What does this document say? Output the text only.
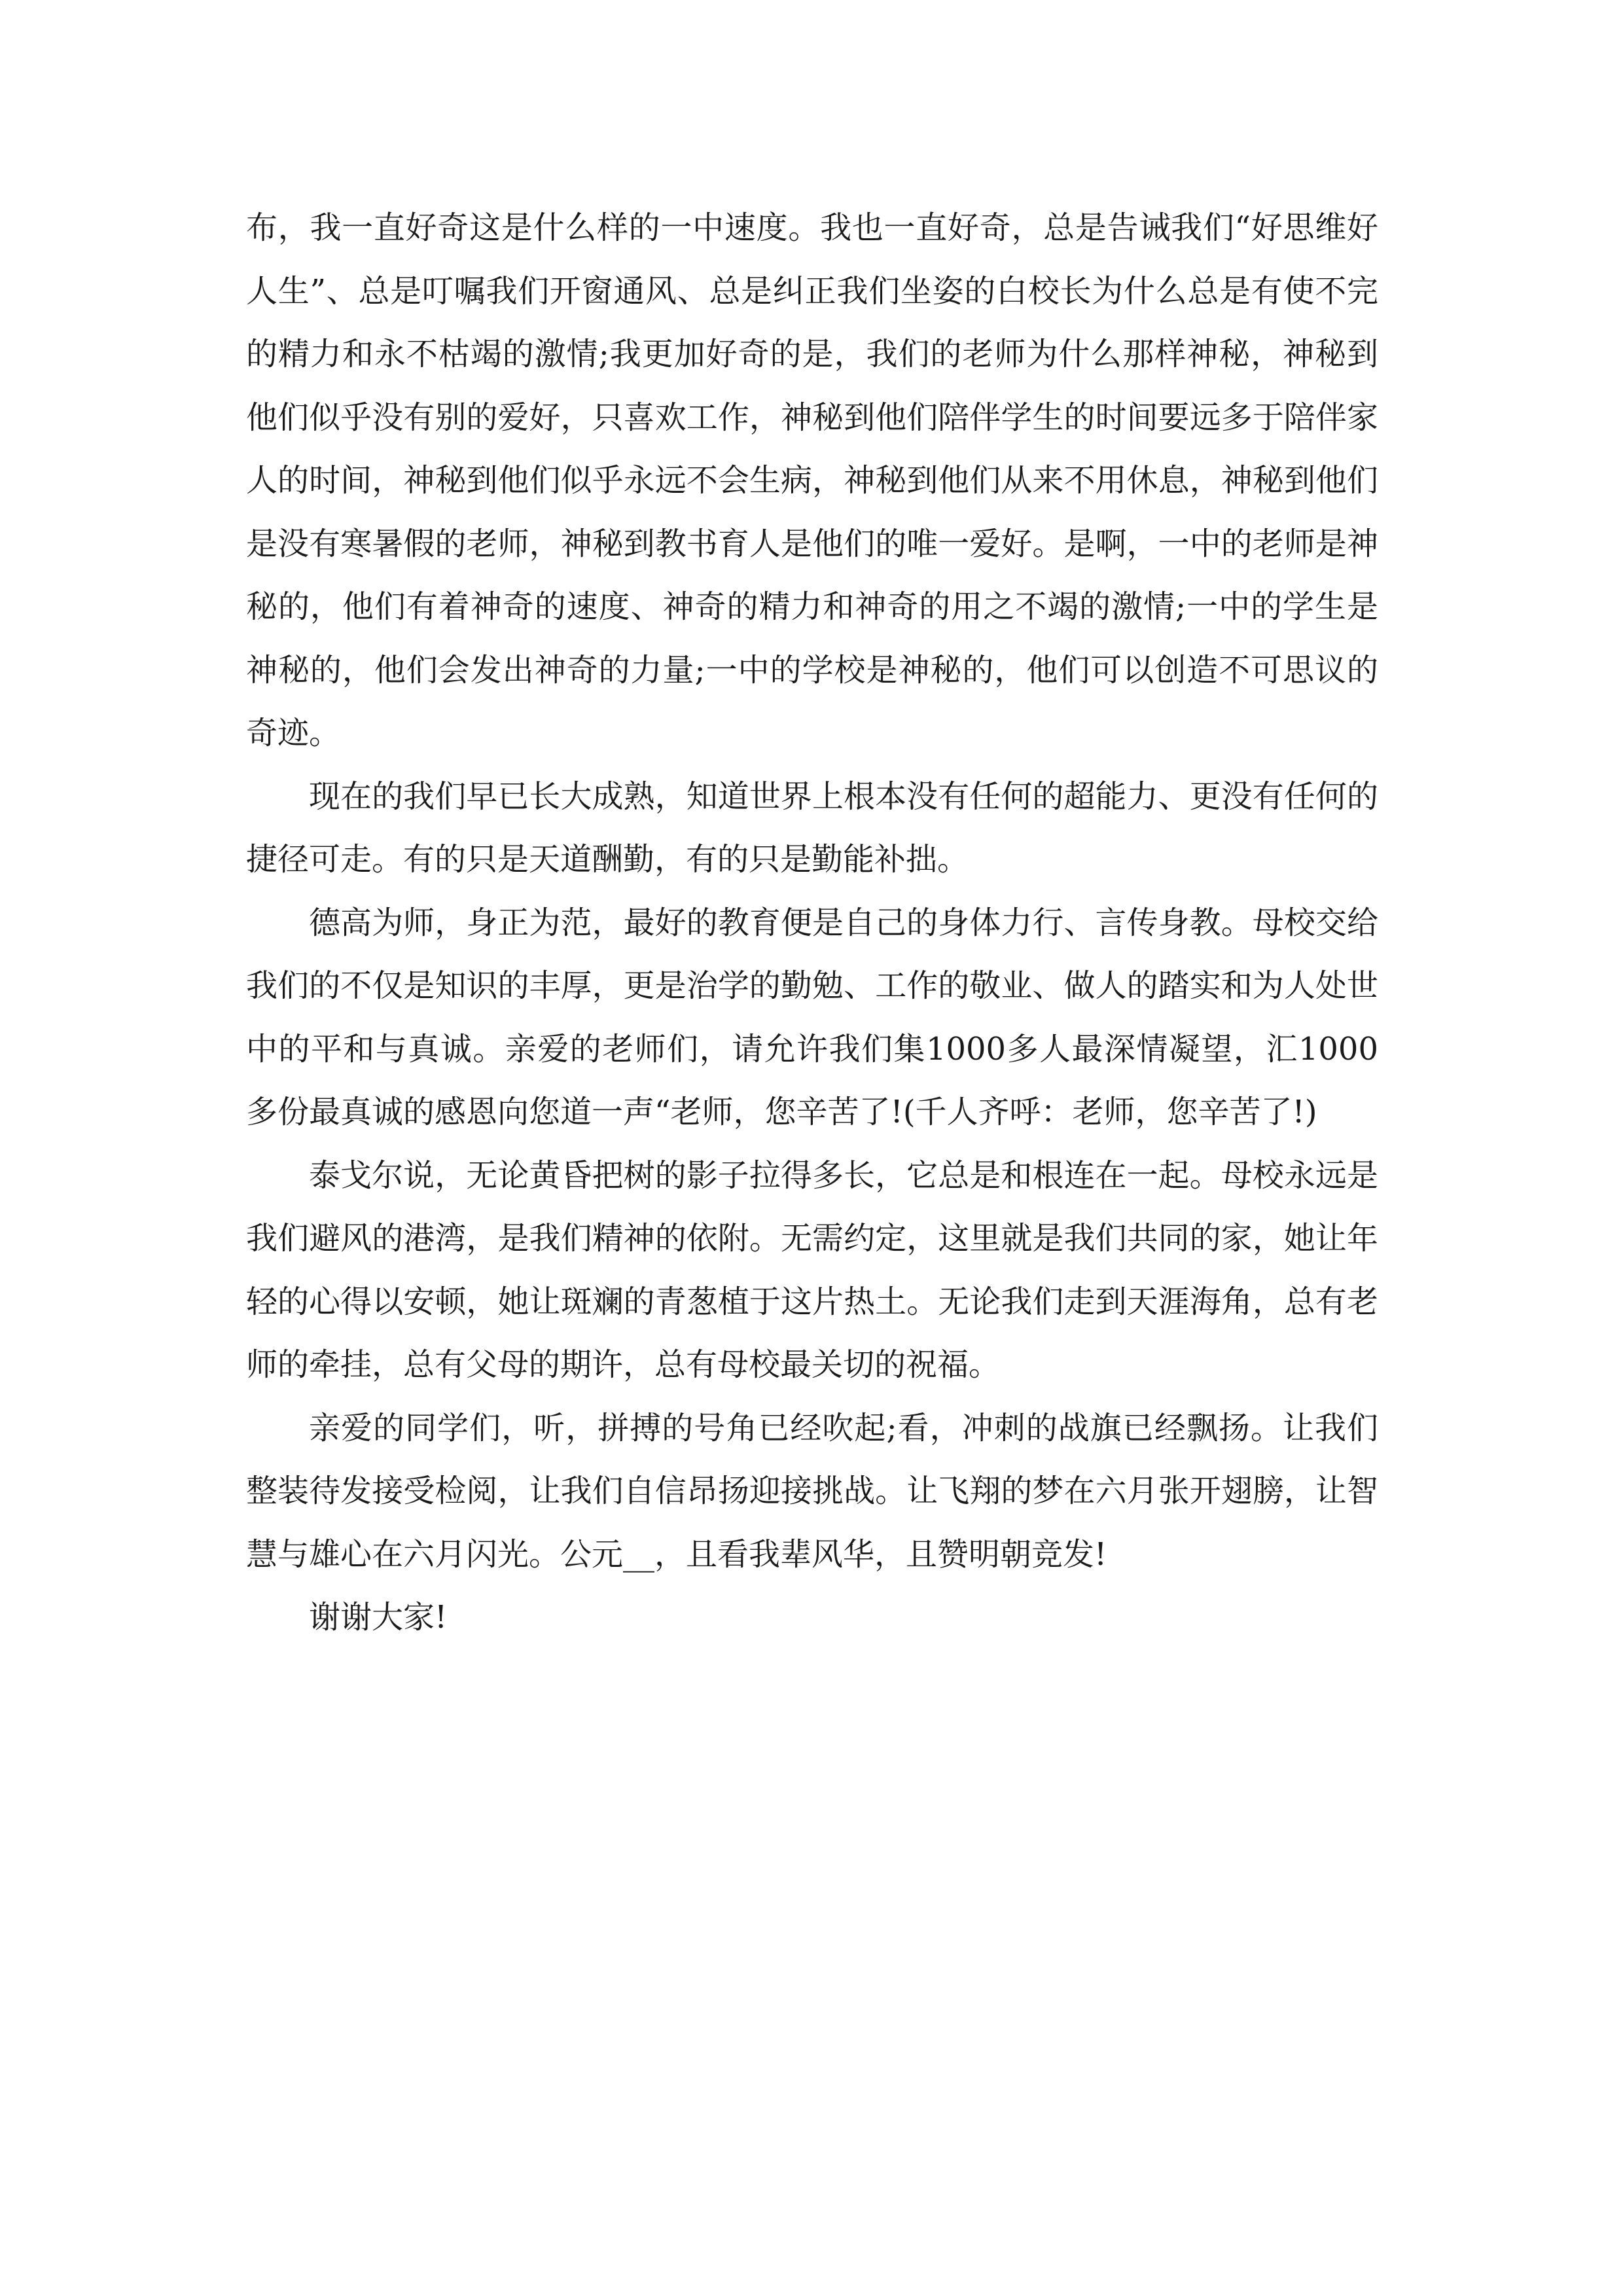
布，我一直好奇这是什么样的一中速度。我也一直好奇，总是告诫我们“好思维好人生”、总是叮嘱我们开窗通风、总是纠正我们坐姿的白校长为什么总是有使不完的精力和永不枯竭的激情;我更加好奇的是，我们的老师为什么那样神秘，神秘到他们似乎没有别的爱好，只喜欢工作，神秘到他们陪伴学生的时间要远多于陪伴家人的时间，神秘到他们似乎永远不会生病，神秘到他们从来不用休息，神秘到他们是没有寒暑假的老师，神秘到教书育人是他们的唯一爱好。是啊，一中的老师是神秘的，他们有着神奇的速度、神奇的精力和神奇的用之不竭的激情;一中的学生是神秘的，他们会发出神奇的力量;一中的学校是神秘的，他们可以创造不可思议的奇迹。

现在的我们早已长大成熟，知道世界上根本没有任何的超能力、更没有任何的捷径可走。有的只是天道酬勤，有的只是勤能补拙。

德高为师，身正为范，最好的教育便是自己的身体力行、言传身教。母校交给我们的不仅是知识的丰厚，更是治学的勤勉、工作的敬业、做人的踏实和为人处世中的平和与真诚。亲爱的老师们，请允许我们集1000多人最深情凝望，汇1000多份最真诚的感恩向您道一声“老师，您辛苦了!(千人齐呼：老师，您辛苦了!)

泰戈尔说，无论黄昏把树的影子拉得多长，它总是和根连在一起。母校永远是我们避风的港湾，是我们精神的依附。无需约定，这里就是我们共同的家，她让年轻的心得以安顿，她让斑斓的青葱植于这片热土。无论我们走到天涯海角，总有老师的牵挂，总有父母的期许，总有母校最关切的祝福。

亲爱的同学们，听，拼搏的号角已经吹起;看，冲刺的战旗已经飘扬。让我们整装待发接受检阅，让我们自信昂扬迎接挑战。让飞翔的梦在六月张开翅膀，让智慧与雄心在六月闪光。公元__，且看我辈风华，且赞明朝竞发!

谢谢大家!
